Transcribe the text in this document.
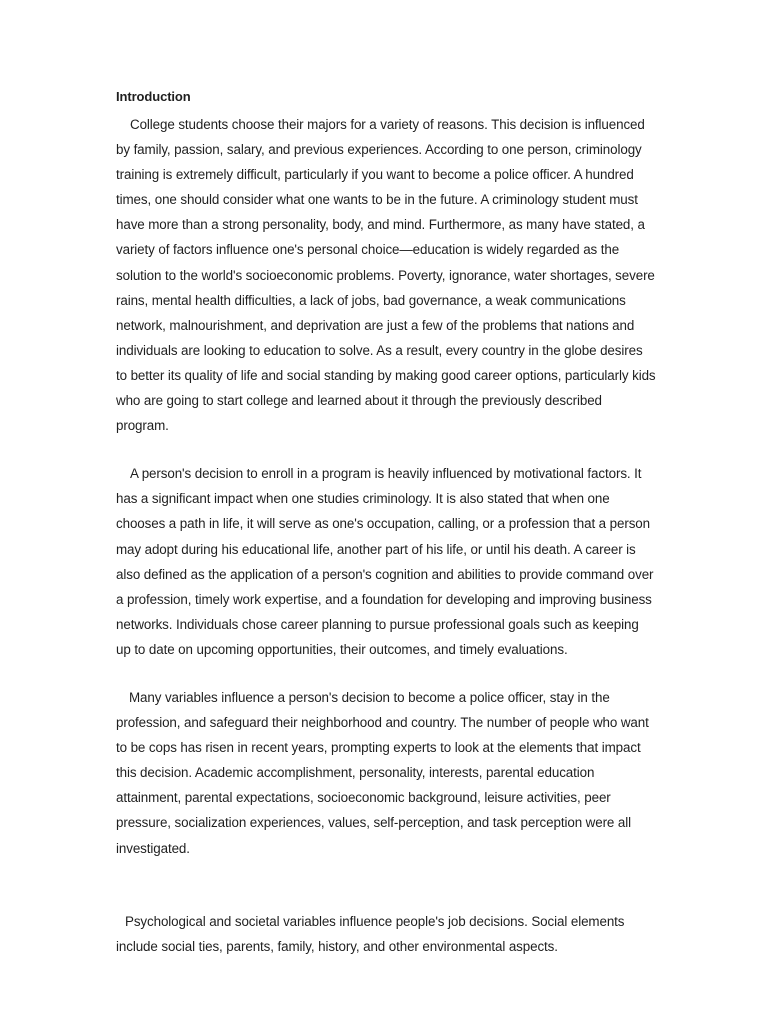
Introduction

College students choose their majors for a variety of reasons. This decision is influenced by family, passion, salary, and previous experiences. According to one person, criminology training is extremely difficult, particularly if you want to become a police officer. A hundred times, one should consider what one wants to be in the future. A criminology student must have more than a strong personality, body, and mind. Furthermore, as many have stated, a variety of factors influence one's personal choice—education is widely regarded as the solution to the world's socioeconomic problems. Poverty, ignorance, water shortages, severe rains, mental health difficulties, a lack of jobs, bad governance, a weak communications network, malnourishment, and deprivation are just a few of the problems that nations and individuals are looking to education to solve. As a result, every country in the globe desires to better its quality of life and social standing by making good career options, particularly kids who are going to start college and learned about it through the previously described program.

A person's decision to enroll in a program is heavily influenced by motivational factors. It has a significant impact when one studies criminology. It is also stated that when one chooses a path in life, it will serve as one's occupation, calling, or a profession that a person may adopt during his educational life, another part of his life, or until his death. A career is also defined as the application of a person's cognition and abilities to provide command over a profession, timely work expertise, and a foundation for developing and improving business networks. Individuals chose career planning to pursue professional goals such as keeping up to date on upcoming opportunities, their outcomes, and timely evaluations.

Many variables influence a person's decision to become a police officer, stay in the profession, and safeguard their neighborhood and country. The number of people who want to be cops has risen in recent years, prompting experts to look at the elements that impact this decision. Academic accomplishment, personality, interests, parental education attainment, parental expectations, socioeconomic background, leisure activities, peer pressure, socialization experiences, values, self-perception, and task perception were all investigated.

Psychological and societal variables influence people's job decisions. Social elements include social ties, parents, family, history, and other environmental aspects.
